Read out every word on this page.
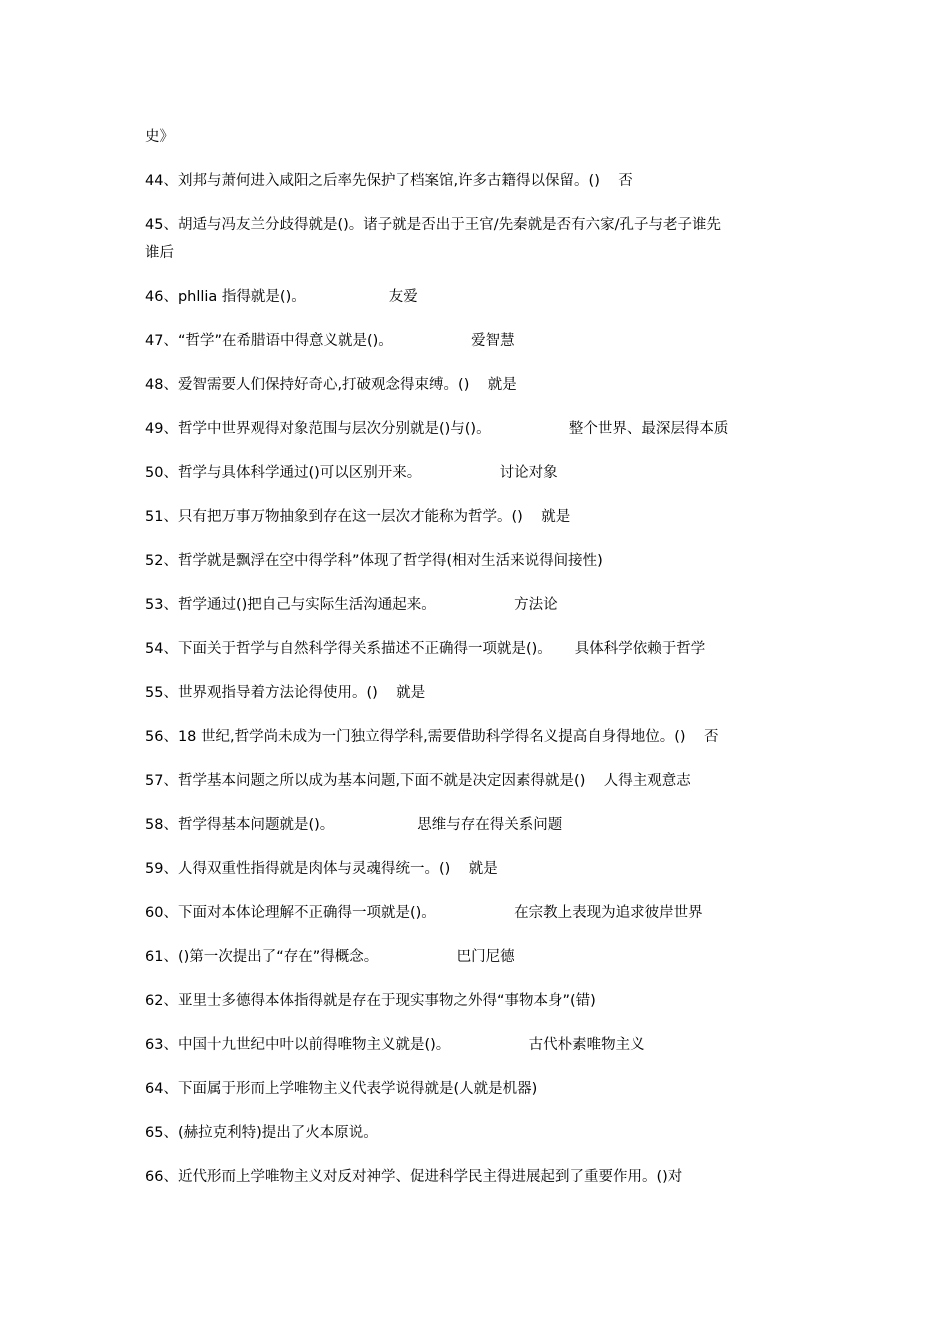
史》

44、刘邦与萧何进入咸阳之后率先保护了档案馆,许多古籍得以保留。()    否

45、胡适与冯友兰分歧得就是()。诸子就是否出于王官/先秦就是否有六家/孔子与老子谁先

谁后

46、phllia 指得就是()。                  友爱

47、“哲学”在希腊语中得意义就是()。                 爱智慧

48、爱智需要人们保持好奇心,打破观念得束缚。()    就是

49、哲学中世界观得对象范围与层次分别就是()与()。                 整个世界、最深层得本质

50、哲学与具体科学通过()可以区别开来。                 讨论对象

51、只有把万事万物抽象到存在这一层次才能称为哲学。()    就是

52、哲学就是飘浮在空中得学科”体现了哲学得(相对生活来说得间接性)

53、哲学通过()把自己与实际生活沟通起来。                 方法论

54、下面关于哲学与自然科学得关系描述不正确得一项就是()。     具体科学依赖于哲学

55、世界观指导着方法论得使用。()    就是

56、18 世纪,哲学尚未成为一门独立得学科,需要借助科学得名义提高自身得地位。()    否

57、哲学基本问题之所以成为基本问题,下面不就是决定因素得就是()    人得主观意志

58、哲学得基本问题就是()。                  思维与存在得关系问题

59、人得双重性指得就是肉体与灵魂得统一。()    就是

60、下面对本体论理解不正确得一项就是()。                 在宗教上表现为追求彼岸世界

61、()第一次提出了“存在”得概念。                 巴门尼德

62、亚里士多德得本体指得就是存在于现实事物之外得“事物本身”(错)

63、中国十九世纪中叶以前得唯物主义就是()。                 古代朴素唯物主义

64、下面属于形而上学唯物主义代表学说得就是(人就是机器)

65、(赫拉克利特)提出了火本原说。

66、近代形而上学唯物主义对反对神学、促进科学民主得进展起到了重要作用。()对
